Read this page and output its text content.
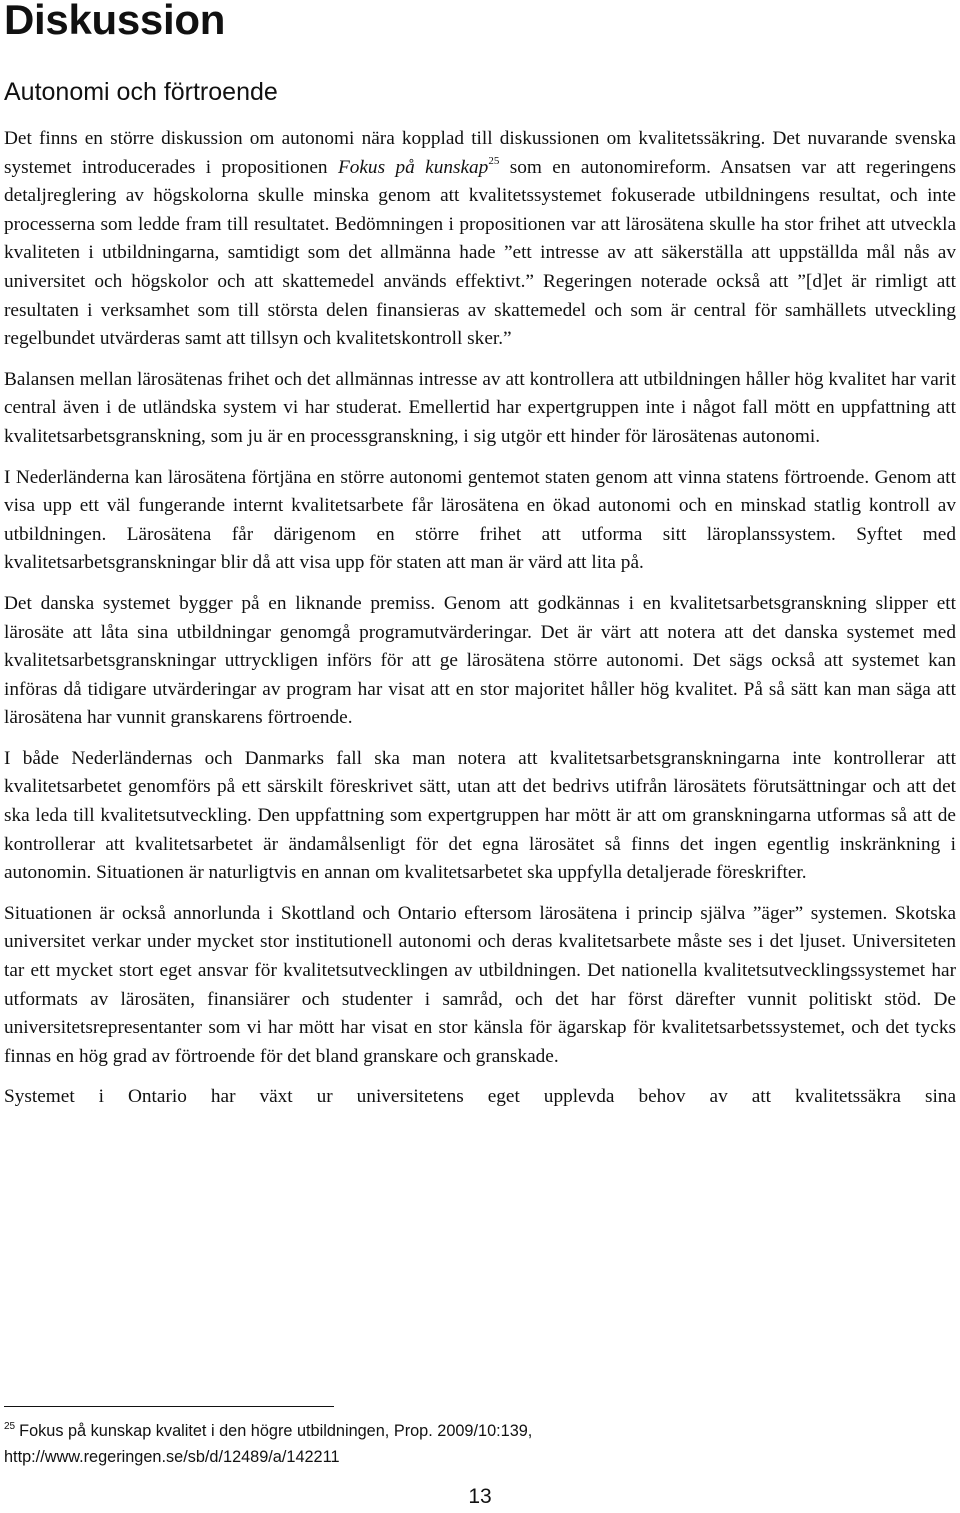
Diskussion
Autonomi och förtroende

Det finns en större diskussion om autonomi nära kopplad till diskussionen om kvalitetssäkring. Det nuvarande svenska systemet introducerades i propositionen Fokus på kunskap$^{25}$ som en autonomireform. Ansatsen var att regeringens detaljreglering av högskolorna skulle minska genom att kvalitetssystemet fokuserade utbildningens resultat, och inte processerna som ledde fram till resultatet. Bedömningen i propositionen var att lärosätena skulle ha stor frihet att utveckla kvaliteten i utbildningarna, samtidigt som det allmänna hade ”ett intresse av att säkerställa att uppställda mål nås av universitet och högskolor och att skattemedel används effektivt.” Regeringen noterade också att ”[d]et är rimligt att resultaten i verksamhet som till största delen finansieras av skattemedel och som är central för samhällets utveckling regelbundet utvärderas samt att tillsyn och kvalitetskontroll sker.”

Balansen mellan lärosätenas frihet och det allmännas intresse av att kontrollera att utbildningen håller hög kvalitet har varit central även i de utländska system vi har studerat. Emellertid har expertgruppen inte i något fall mött en uppfattning att kvalitetsarbetsgranskning, som ju är en processgranskning, i sig utgör ett hinder för lärosätenas autonomi.

I Nederländerna kan lärosätena förtjäna en större autonomi gentemot staten genom att vinna statens förtroende. Genom att visa upp ett väl fungerande internt kvalitetsarbete får lärosätena en ökad autonomi och en minskad statlig kontroll av utbildningen. Lärosätena får därigenom en större frihet att utforma sitt läroplanssystem. Syftet med kvalitetsarbetsgranskningar blir då att visa upp för staten att man är värd att lita på.

Det danska systemet bygger på en liknande premiss. Genom att godkännas i en kvalitetsarbetsgranskning slipper ett lärosäte att låta sina utbildningar genomgå programutvärderingar. Det är värt att notera att det danska systemet med kvalitetsarbetsgranskningar uttryckligen införs för att ge lärosätena större autonomi. Det sägs också att systemet kan införas då tidigare utvärderingar av program har visat att en stor majoritet håller hög kvalitet. På så sätt kan man säga att lärosätena har vunnit granskarens förtroende.

I både Nederländernas och Danmarks fall ska man notera att kvalitetsarbetsgranskningarna inte kontrollerar att kvalitetsarbetet genomförs på ett särskilt föreskrivet sätt, utan att det bedrivs utifrån lärosätets förutsättningar och att det ska leda till kvalitetsutveckling. Den uppfattning som expertgruppen har mött är att om granskningarna utformas så att de kontrollerar att kvalitetsarbetet är ändamålsenligt för det egna lärosätet så finns det ingen egentlig inskränkning i autonomin. Situationen är naturligtvis en annan om kvalitetsarbetet ska uppfylla detaljerade föreskrifter.

Situationen är också annorlunda i Skottland och Ontario eftersom lärosätena i princip själva ”äger” systemen. Skotska universitet verkar under mycket stor institutionell autonomi och deras kvalitetsarbete måste ses i det ljuset. Universiteten tar ett mycket stort eget ansvar för kvalitetsutvecklingen av utbildningen. Det nationella kvalitetsutvecklingssystemet har utformats av lärosäten, finansiärer och studenter i samråd, och det har först därefter vunnit politiskt stöd. De universitetsrepresentanter som vi har mött har visat en stor känsla för ägarskap för kvalitetsarbetssystemet, och det tycks finnas en hög grad av förtroende för det bland granskare och granskade.

Systemet i Ontario har växt ur universitetens eget upplevda behov av att kvalitetssäkra sina

$^{25}$ Fokus på kunskap kvalitet i den högre utbildningen, Prop. 2009/10:139,
http://www.regeringen.se/sb/d/12489/a/142211
13
